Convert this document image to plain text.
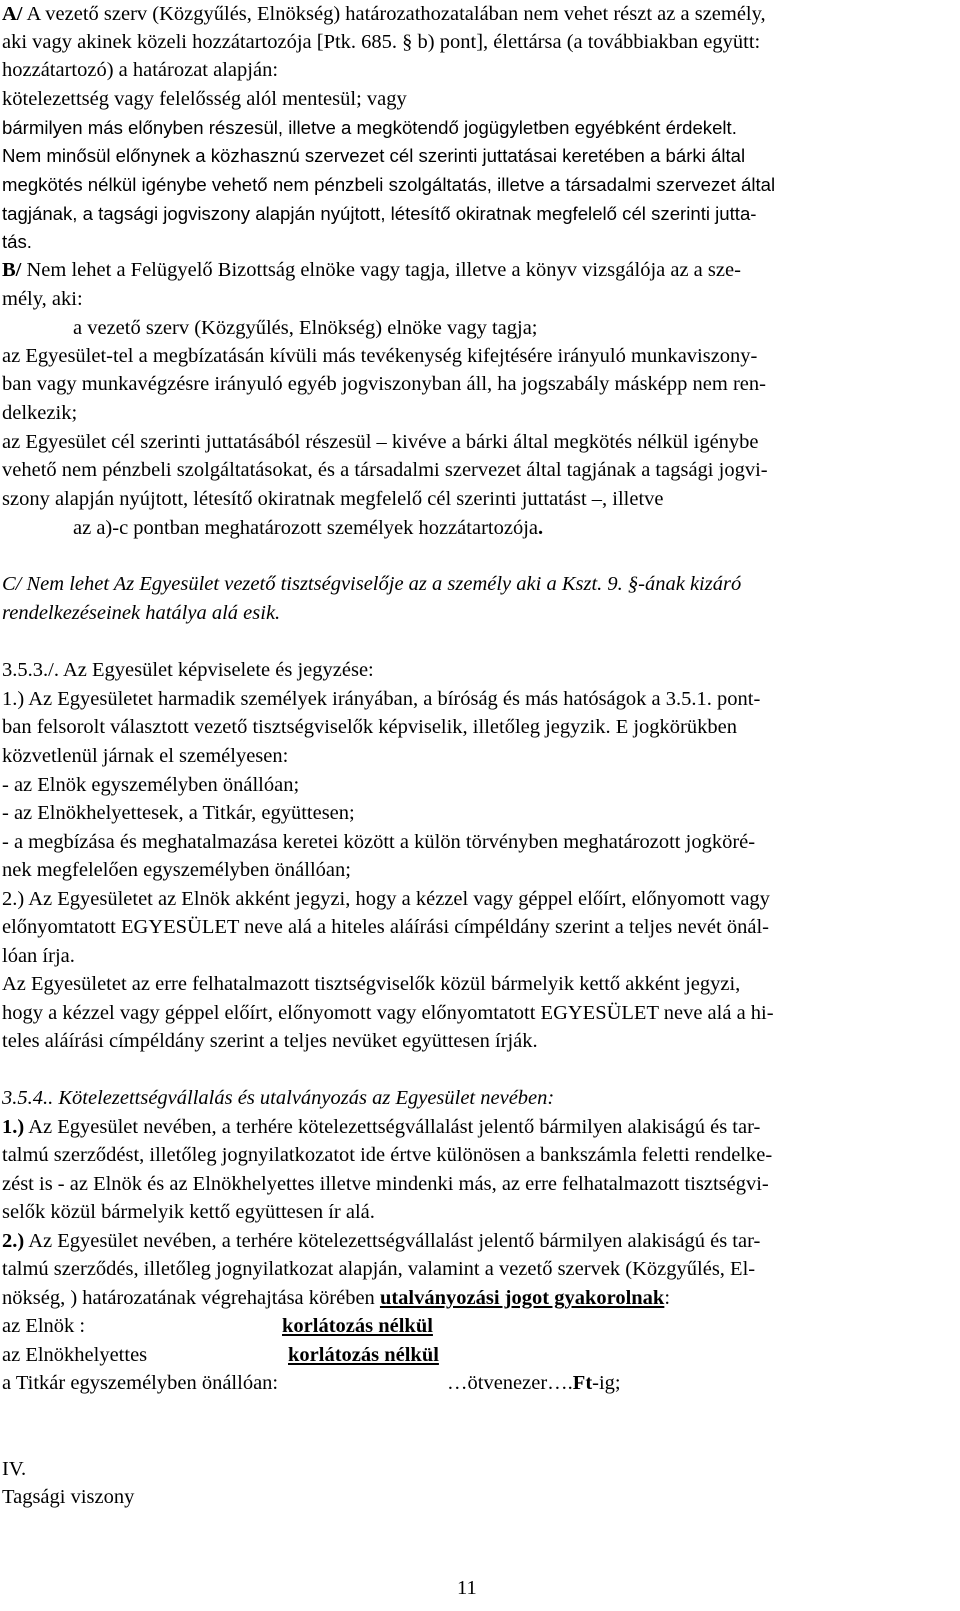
11
A/ A vezető szerv (Közgyűlés, Elnökség) határozathozatalában nem vehet részt az a személy,
aki vagy akinek közeli hozzátartozója [Ptk. 685. § b) pont], élettársa (a továbbiakban együtt:
hozzátartozó) a határozat alapján:
kötelezettség vagy felelősség alól mentesül; vagy
bármilyen más előnyben részesül, illetve a megkötendő jogügyletben egyébként érdekelt.
Nem minősül előnynek a közhasznú szervezet cél szerinti juttatásai keretében a bárki által
megkötés nélkül igénybe vehető nem pénzbeli szolgáltatás, illetve a társadalmi szervezet által
tagjának, a tagsági jogviszony alapján nyújtott, létesítő okiratnak megfelelő cél szerinti jutta-
tás.
B/ Nem lehet a Felügyelő Bizottság elnöke vagy tagja, illetve a könyv vizsgálója az a sze-
mély, aki:
a vezető szerv (Közgyűlés, Elnökség) elnöke vagy tagja;
az Egyesület-tel a megbízatásán kívüli más tevékenység kifejtésére irányuló munkaviszony-
ban vagy munkavégzésre irányuló egyéb jogviszonyban áll, ha jogszabály másképp nem ren-
delkezik;
az Egyesület cél szerinti juttatásából részesül – kivéve a bárki által megkötés nélkül igénybe
vehető nem pénzbeli szolgáltatásokat, és a társadalmi szervezet által tagjának a tagsági jogvi-
szony alapján nyújtott, létesítő okiratnak megfelelő cél szerinti juttatást –, illetve
az a)-c pontban meghatározott személyek hozzátartozója.
C/ Nem lehet Az Egyesület vezető tisztségviselője az a személy aki a Kszt. 9. §-ának kizáró
rendelkezéseinek hatálya alá esik.
3.5.3./. Az Egyesület képviselete és jegyzése:
1.) Az Egyesületet harmadik személyek irányában, a bíróság és más hatóságok a 3.5.1. pont-
ban felsorolt választott vezető tisztségviselők képviselik, illetőleg jegyzik. E jogkörükben
közvetlenül járnak el személyesen:
- az Elnök egyszemélyben önállóan;
- az Elnökhelyettesek, a Titkár, együttesen;
- a megbízása és meghatalmazása keretei között a külön törvényben meghatározott jogköré-
nek megfelelően egyszemélyben önállóan;
2.) Az Egyesületet az Elnök akként jegyzi, hogy a kézzel vagy géppel előírt, előnyomott vagy
előnyomtatott EGYESÜLET neve alá a hiteles aláírási címpéldány szerint a teljes nevét önál-
lóan írja.
Az Egyesületet az erre felhatalmazott tisztségviselők közül bármelyik kettő akként jegyzi,
hogy a kézzel vagy géppel előírt, előnyomott vagy előnyomtatott EGYESÜLET neve alá a hi-
teles aláírási címpéldány szerint a teljes nevüket együttesen írják.
3.5.4.. Kötelezettségvállalás és utalványozás az Egyesület nevében:
1.) Az Egyesület nevében, a terhére kötelezettségvállalást jelentő bármilyen alakiságú és tar-
talmú szerződést, illetőleg jognyilatkozatot ide értve különösen a bankszámla feletti rendelke-
zést is - az Elnök és az Elnökhelyettes illetve mindenki más, az erre felhatalmazott tisztségvi-
selők közül bármelyik kettő együttesen ír alá.
2.) Az Egyesület nevében, a terhére kötelezettségvállalást jelentő bármilyen alakiságú és tar-
talmú szerződés, illetőleg jognyilatkozat alapján, valamint a vezető szervek (Közgyűlés, El-
nökség, ) határozatának végrehajtása körében utalványozási jogot gyakorolnak:
az Elnök :	korlátozás nélkül
az Elnökhelyettes	korlátozás nélkül
a Titkár egyszemélyben önállóan:	…ötvenezer….Ft-ig;
IV.
Tagsági viszony
